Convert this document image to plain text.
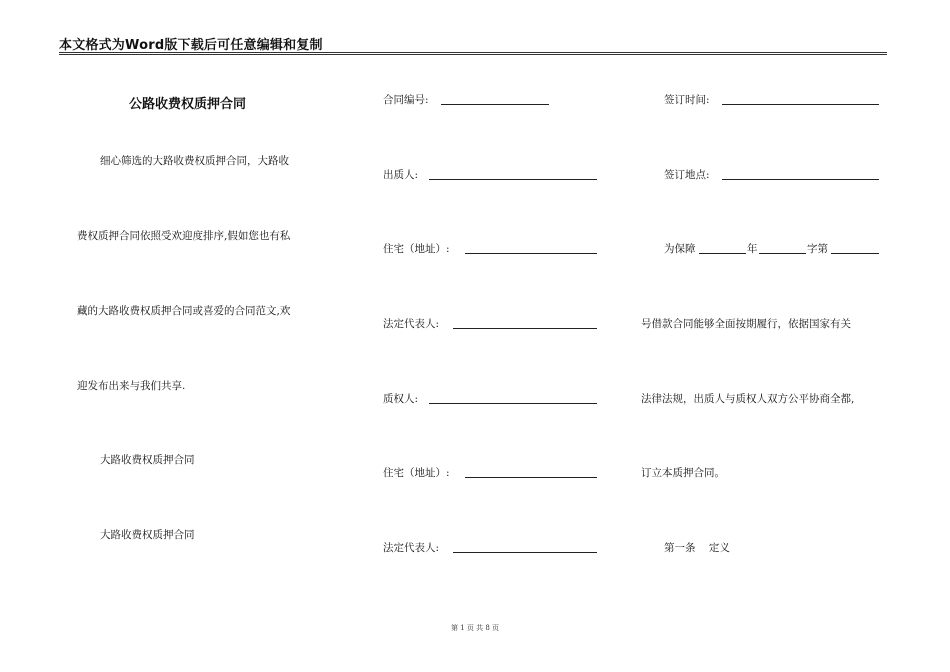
本文格式为Word版下载后可任意编辑和复制
公路收费权质押合同
细心筛选的大路收费权质押合同，大路收
费权质押合同依照受欢迎度排序,假如您也有私
藏的大路收费权质押合同或喜爱的合同范文,欢
迎发布出来与我们共享.
大路收费权质押合同
大路收费权质押合同
合同编号:
出质人:
住宅（地址）:
法定代表人:
质权人:
住宅（地址）:
法定代表人:
签订时间:
签订地点:
为保障	年	字第
号借款合同能够全面按期履行，依据国家有关
法律法规，出质人与质权人双方公平协商全都,
订立本质押合同。
第一条    定义
第 1 页 共 8 页
